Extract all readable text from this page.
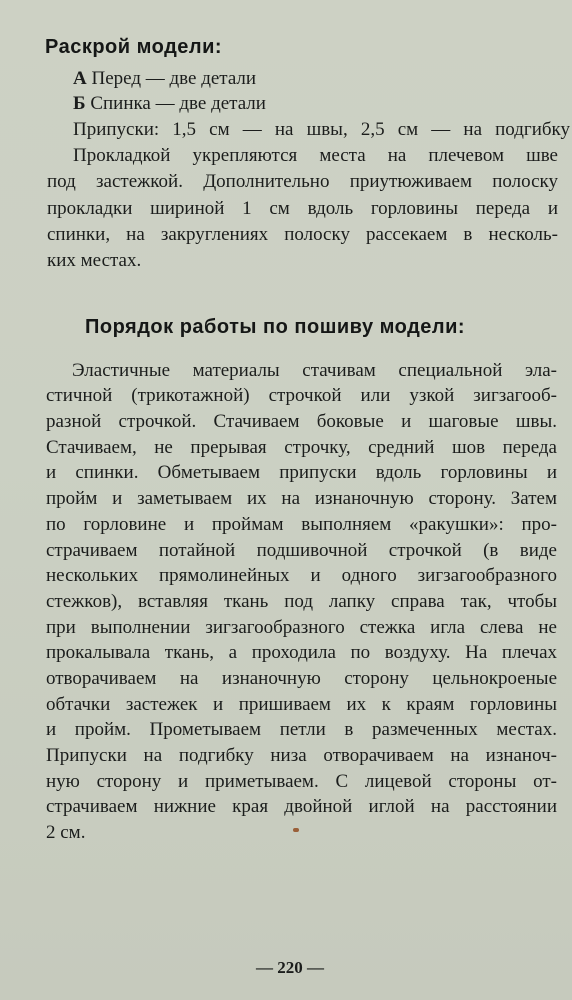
Раскрой модели:
А Перед — две детали
Б Спинка — две детали
Припуски: 1,5 см — на швы, 2,5 см — на подгибку
Прокладкой укрепляются места на плечевом шве
под застежкой. Дополнительно приутюживаем полоску
прокладки шириной 1 см вдоль горловины переда и
спинки, на закруглениях полоску рассекаем в несколь-
ких местах.
Порядок работы по пошиву модели:
Эластичные материалы стачивам специальной эла-
стичной (трикотажной) строчкой или узкой зигзагооб-
разной строчкой. Стачиваем боковые и шаговые швы.
Стачиваем, не прерывая строчку, средний шов переда
и спинки. Обметываем припуски вдоль горловины и
пройм и заметываем их на изнаночную сторону. Затем
по горловине и проймам выполняем «ракушки»: про-
страчиваем потайной подшивочной строчкой (в виде
нескольких прямолинейных и одного зигзагообразного
стежков), вставляя ткань под лапку справа так, чтобы
при выполнении зигзагообразного стежка игла слева не
прокалывала ткань, а проходила по воздуху. На плечах
отворачиваем на изнаночную сторону цельнокроеные
обтачки застежек и пришиваем их к краям горловины
и пройм. Прометываем петли в размеченных местах.
Припуски на подгибку низа отворачиваем на изнаноч-
ную сторону и приметываем. С лицевой стороны от-
страчиваем нижние края двойной иглой на расстоянии
2 см.
— 220 —
